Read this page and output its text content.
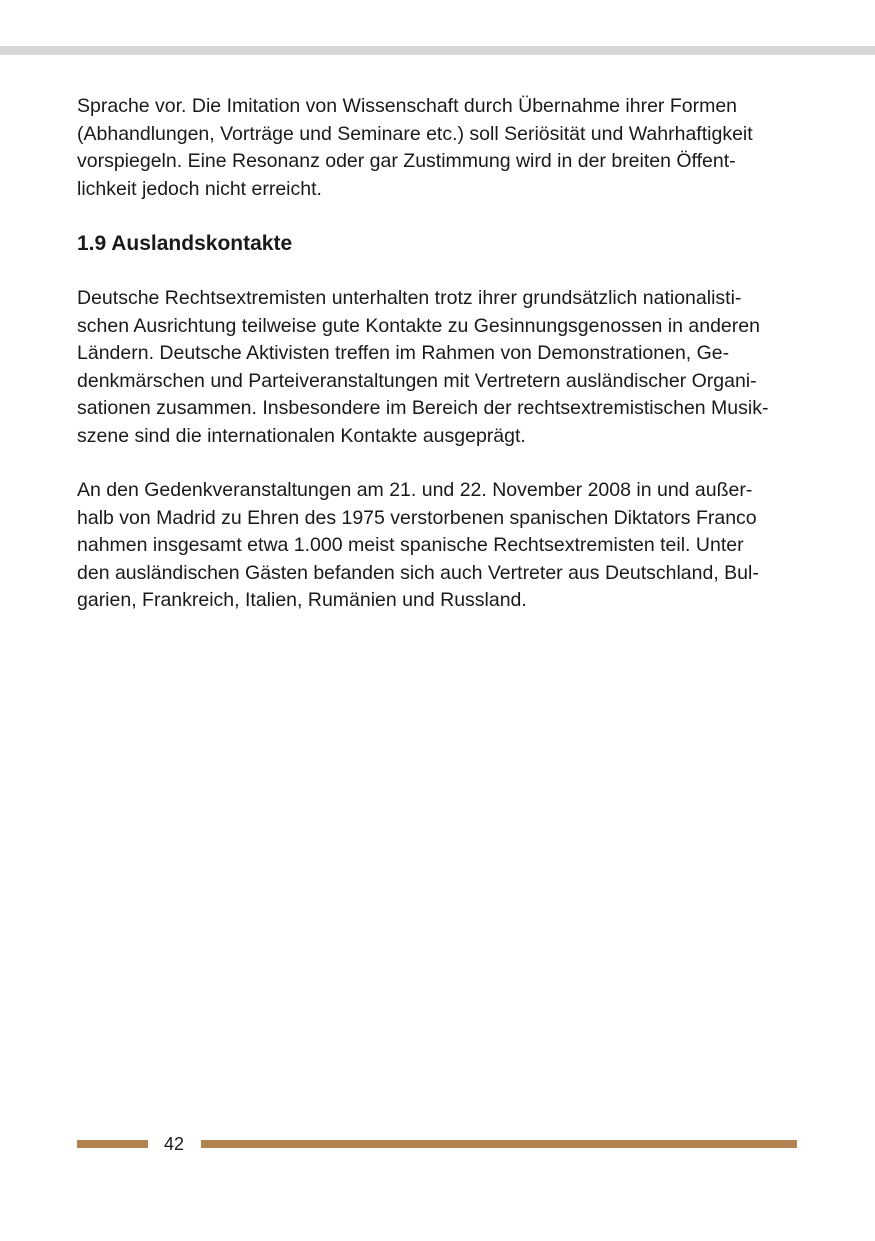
Sprache vor. Die Imitation von Wissenschaft durch Übernahme ihrer Formen
(Abhandlungen, Vorträge und Seminare etc.) soll Seriösität und Wahrhaftigkeit
vorspiegeln. Eine Resonanz oder gar Zustimmung wird in der breiten Öffent-
lichkeit jedoch nicht erreicht.

1.9 Auslandskontakte

Deutsche Rechtsextremisten unterhalten trotz ihrer grundsätzlich nationalisti-
schen Ausrichtung teilweise gute Kontakte zu Gesinnungsgenossen in anderen
Ländern. Deutsche Aktivisten treffen im Rahmen von Demonstrationen, Ge-
denkmärschen und Parteiveranstaltungen mit Vertretern ausländischer Organi-
sationen zusammen. Insbesondere im Bereich der rechtsextremistischen Musik-
szene sind die internationalen Kontakte ausgeprägt.

An den Gedenkveranstaltungen am 21. und 22. November 2008 in und außer-
halb von Madrid zu Ehren des 1975 verstorbenen spanischen Diktators Franco
nahmen insgesamt etwa 1.000 meist spanische Rechtsextremisten teil. Unter
den ausländischen Gästen befanden sich auch Vertreter aus Deutschland, Bul-
garien, Frankreich, Italien, Rumänien und Russland.

42
